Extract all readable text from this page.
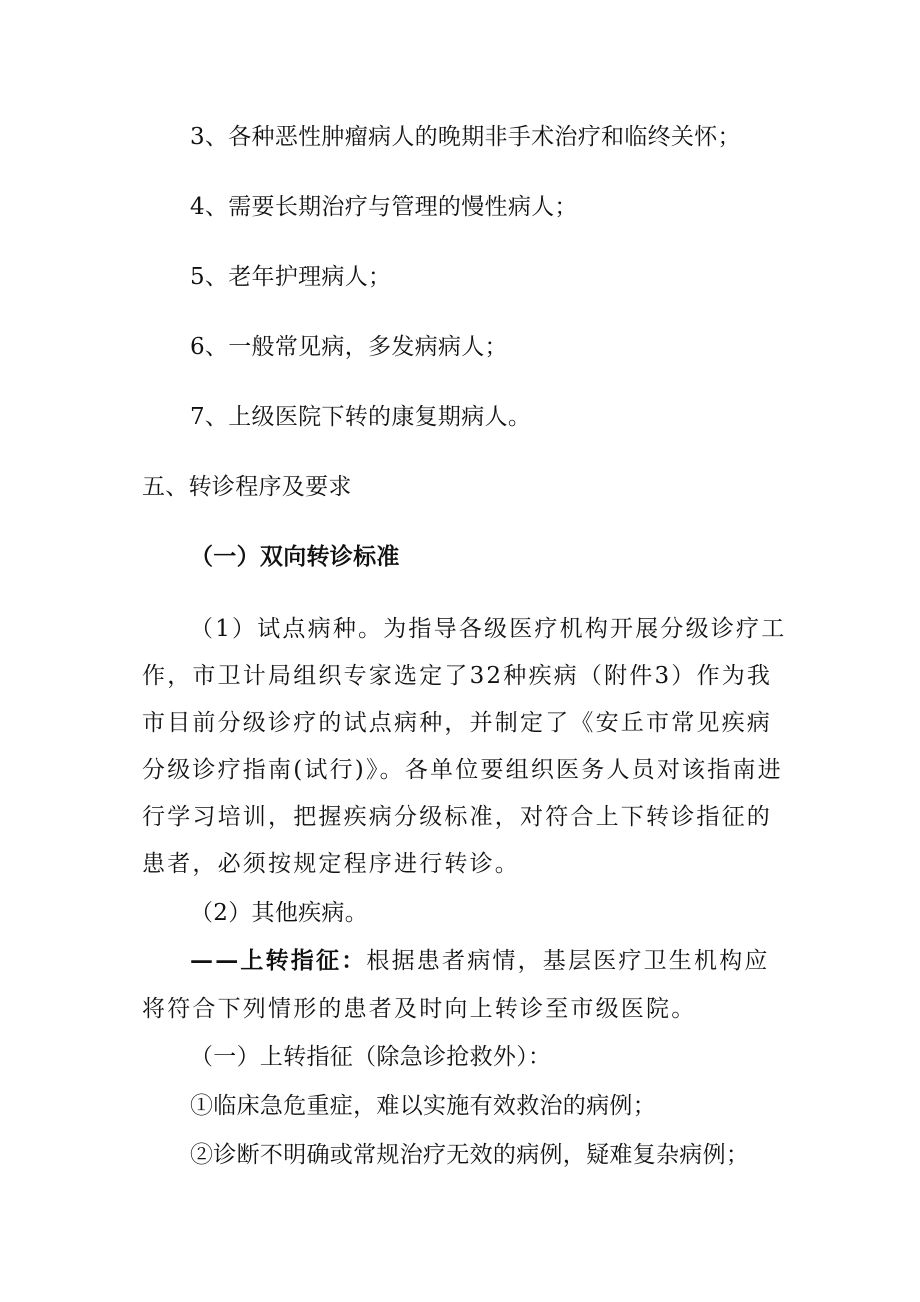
3、各种恶性肿瘤病人的晚期非手术治疗和临终关怀；
4、需要长期治疗与管理的慢性病人；
5、老年护理病人；
6、一般常见病，多发病病人；
7、上级医院下转的康复期病人。
五、转诊程序及要求
（一）双向转诊标准
（1）试点病种。为指导各级医疗机构开展分级诊疗工
作，市卫计局组织专家选定了32种疾病（附件3）作为我
市目前分级诊疗的试点病种，并制定了《安丘市常见疾病
分级诊疗指南(试行)》。各单位要组织医务人员对该指南进
行学习培训，把握疾病分级标准，对符合上下转诊指征的
患者，必须按规定程序进行转诊。
（2）其他疾病。
——上转指征：根据患者病情，基层医疗卫生机构应
将符合下列情形的患者及时向上转诊至市级医院。
（一）上转指征（除急诊抢救外）：
①临床急危重症，难以实施有效救治的病例；
②诊断不明确或常规治疗无效的病例，疑难复杂病例；
